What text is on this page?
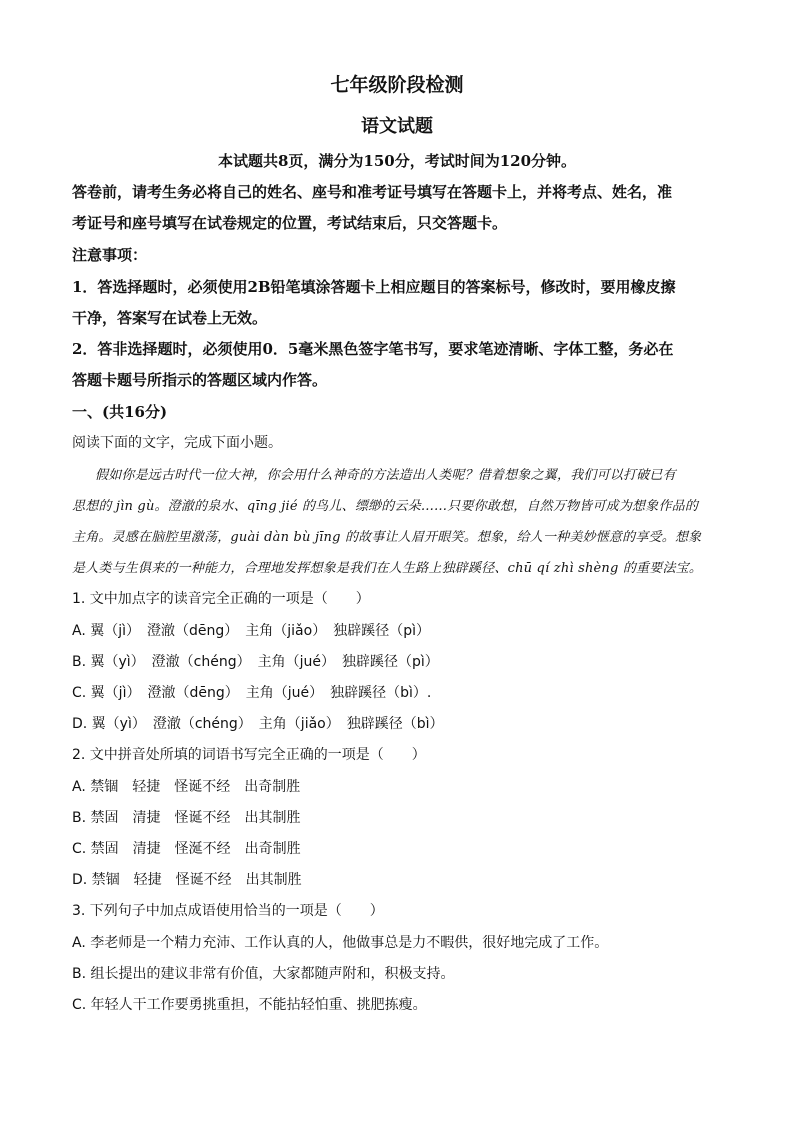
七年级阶段检测
语文试题
本试题共8页，满分为150分，考试时间为120分钟。
答卷前，请考生务必将自己的姓名、座号和准考证号填写在答题卡上，并将考点、姓名，准
考证号和座号填写在试卷规定的位置，考试结束后，只交答题卡。
注意事项：
1．答选择题时，必须使用2B铅笔填涂答题卡上相应题目的答案标号，修改时，要用橡皮擦
干净，答案写在试卷上无效。
2．答非选择题时，必须使用0．5毫米黑色签字笔书写，要求笔迹清晰、字体工整，务必在
答题卡题号所指示的答题区域内作答。
一、(共16分)
阅读下面的文字，完成下面小题。
假如你是远古时代一位大神，你会用什么神奇的方法造出人类呢？借着想象之翼，我们可以打破已有
思想的 jìn gù。澄澈的泉水、qīng jié 的鸟儿、缥缈的云朵……只要你敢想，自然万物皆可成为想象作品的
主角。灵感在脑腔里激荡，guài dàn bù jīng 的故事让人眉开眼笑。想象，给人一种美妙惬意的享受。想象
是人类与生俱来的一种能力，合理地发挥想象是我们在人生路上独辟蹊径、chū qí zhì shèng 的重要法宝。
1. 文中加点字的读音完全正确的一项是（　　）
A. 翼（jì）　澄澈（dēng）　主角（jiǎo）　独辟蹊径（pì）
B. 翼（yì）　澄澈（chéng）　主角（jué）　独辟蹊径（pì）
C. 翼（jì）　澄澈（dēng）　主角（jué）　独辟蹊径（bì）.
D. 翼（yì）　澄澈（chéng）　主角（jiǎo）　独辟蹊径（bì）
2. 文中拼音处所填的词语书写完全正确的一项是（　　）
A. 禁锢　轻捷　怪诞不经　出奇制胜
B. 禁固　清捷　怪诞不经　出其制胜
C. 禁固　清捷　怪涎不经　出奇制胜
D. 禁锢　轻捷　怪诞不经　出其制胜
3. 下列句子中加点成语使用恰当的一项是（　　）
A. 李老师是一个精力充沛、工作认真的人，他做事总是力不暇供，很好地完成了工作。
B. 组长提出的建议非常有价值，大家都随声附和，积极支持。
C. 年轻人干工作要勇挑重担，不能拈轻怕重、挑肥拣瘦。
